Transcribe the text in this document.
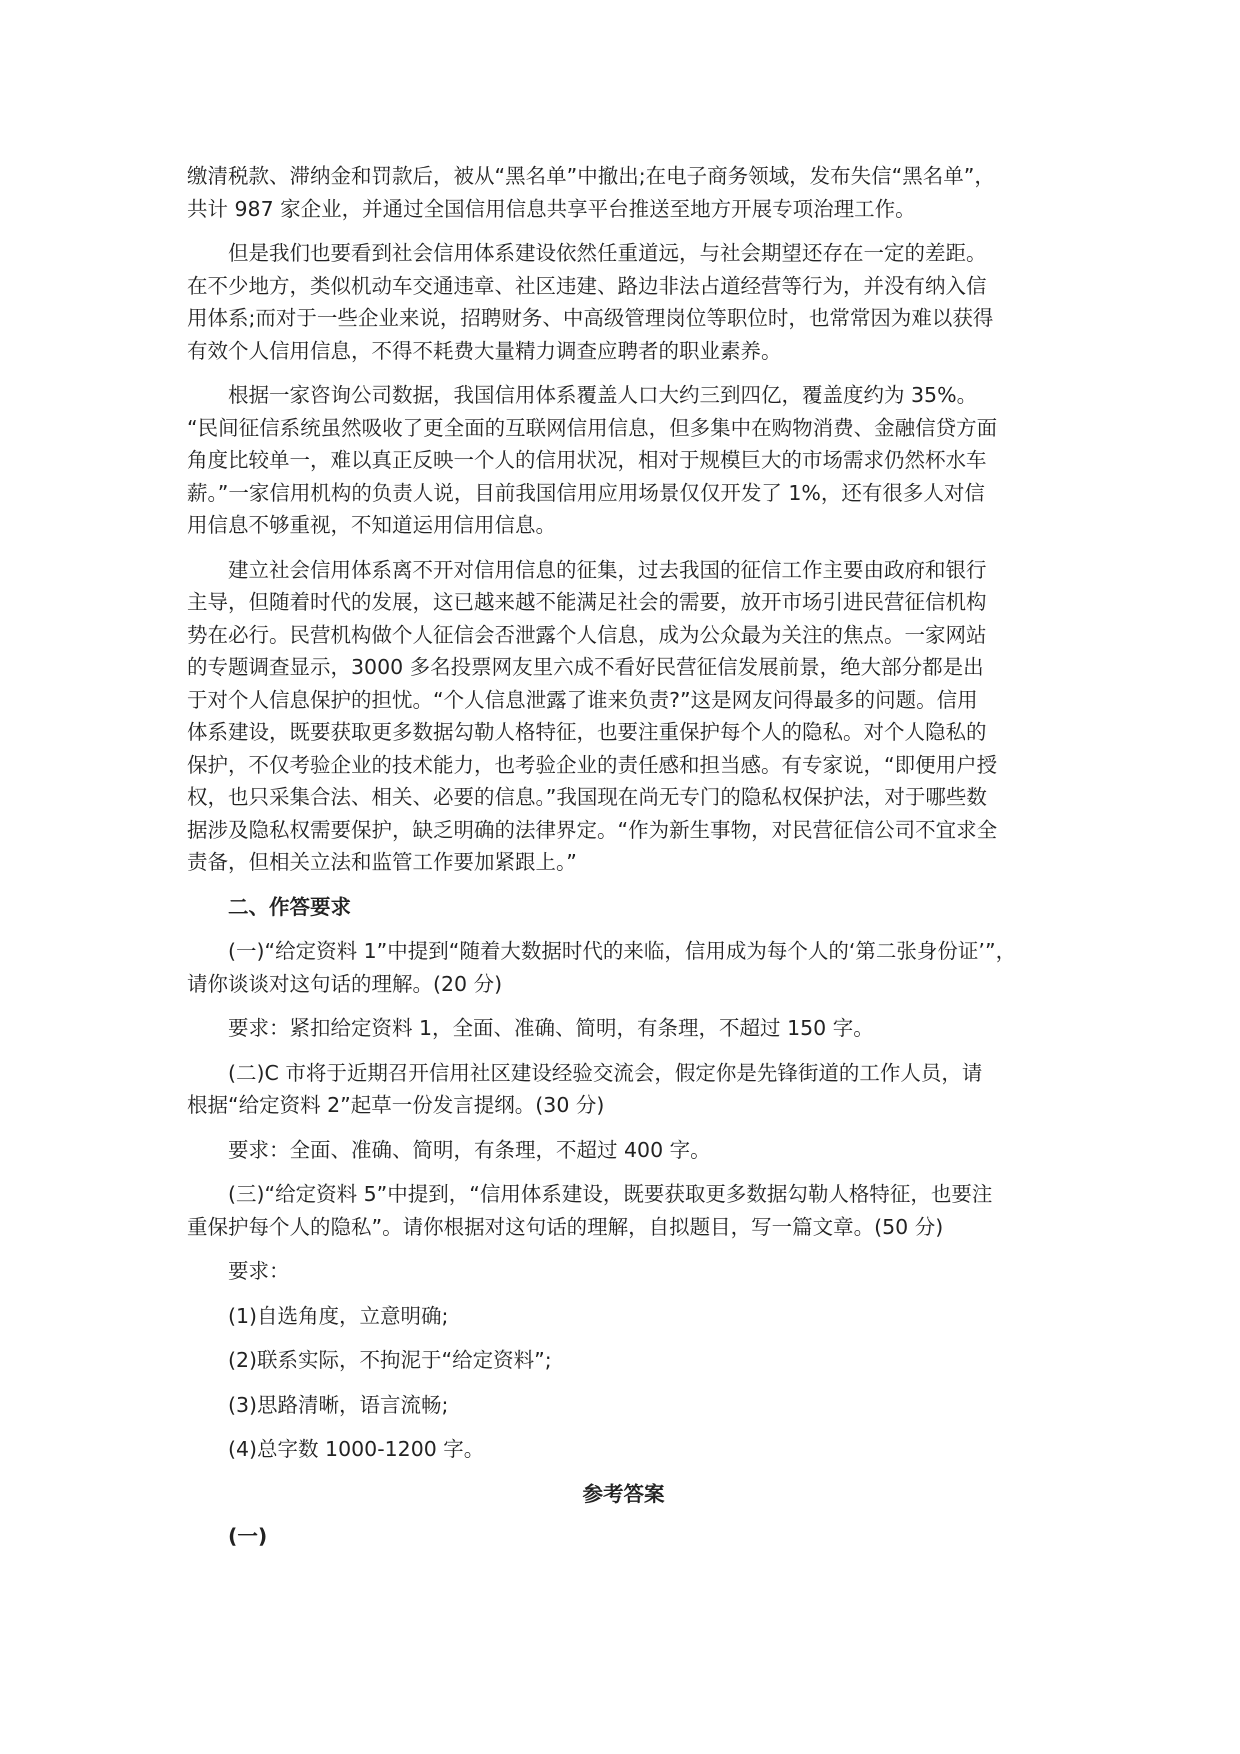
缴清税款、滞纳金和罚款后，被从“黑名单”中撤出;在电子商务领域，发布失信“黑名单”，
共计 987 家企业，并通过全国信用信息共享平台推送至地方开展专项治理工作。
但是我们也要看到社会信用体系建设依然任重道远，与社会期望还存在一定的差距。
在不少地方，类似机动车交通违章、社区违建、路边非法占道经营等行为，并没有纳入信
用体系;而对于一些企业来说，招聘财务、中高级管理岗位等职位时，也常常因为难以获得
有效个人信用信息，不得不耗费大量精力调查应聘者的职业素养。
根据一家咨询公司数据，我国信用体系覆盖人口大约三到四亿，覆盖度约为 35%。
“民间征信系统虽然吸收了更全面的互联网信用信息，但多集中在购物消费、金融信贷方面
角度比较单一，难以真正反映一个人的信用状况，相对于规模巨大的市场需求仍然杯水车
薪。”一家信用机构的负责人说，目前我国信用应用场景仅仅开发了 1%，还有很多人对信
用信息不够重视，不知道运用信用信息。
建立社会信用体系离不开对信用信息的征集，过去我国的征信工作主要由政府和银行
主导，但随着时代的发展，这已越来越不能满足社会的需要，放开市场引进民营征信机构
势在必行。民营机构做个人征信会否泄露个人信息，成为公众最为关注的焦点。一家网站
的专题调查显示，3000 多名投票网友里六成不看好民营征信发展前景，绝大部分都是出
于对个人信息保护的担忧。“个人信息泄露了谁来负责?”这是网友问得最多的问题。信用
体系建设，既要获取更多数据勾勒人格特征，也要注重保护每个人的隐私。对个人隐私的
保护，不仅考验企业的技术能力，也考验企业的责任感和担当感。有专家说，“即便用户授
权，也只采集合法、相关、必要的信息。”我国现在尚无专门的隐私权保护法，对于哪些数
据涉及隐私权需要保护，缺乏明确的法律界定。“作为新生事物，对民营征信公司不宜求全
责备，但相关立法和监管工作要加紧跟上。”
二、作答要求
(一)“给定资料 1”中提到“随着大数据时代的来临，信用成为每个人的‘第二张身份证’”，
请你谈谈对这句话的理解。(20 分)
要求：紧扣给定资料 1，全面、准确、简明，有条理，不超过 150 字。
(二)C 市将于近期召开信用社区建设经验交流会，假定你是先锋街道的工作人员，请
根据“给定资料 2”起草一份发言提纲。(30 分)
要求：全面、准确、简明，有条理，不超过 400 字。
(三)“给定资料 5”中提到，“信用体系建设，既要获取更多数据勾勒人格特征，也要注
重保护每个人的隐私”。请你根据对这句话的理解，自拟题目，写一篇文章。(50 分)
要求：
(1)自选角度，立意明确;
(2)联系实际，不拘泥于“给定资料”;
(3)思路清晰，语言流畅;
(4)总字数 1000-1200 字。
参考答案
(一)
